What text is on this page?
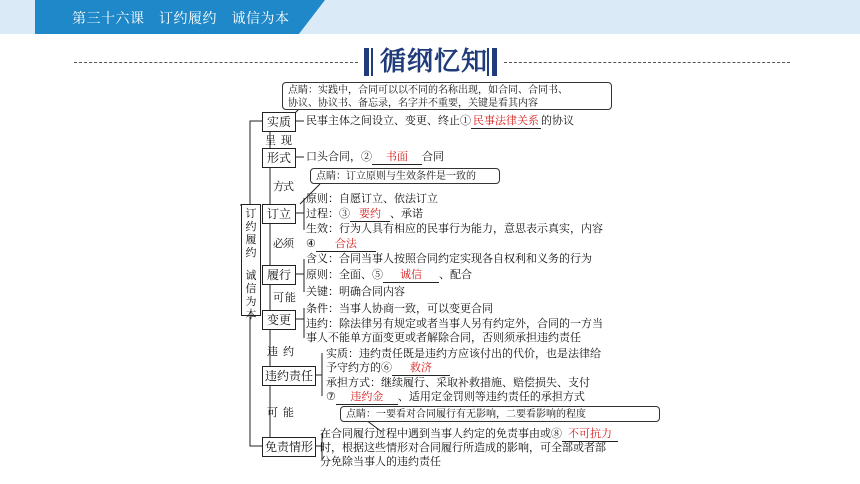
第三十六课　订约履约　诚信为本
循纲忆知
点睛：实践中，合同可以以不同的名称出现，如合同、合同书、
协议、协议书、备忘录，名字并不重要，关键是看其内容
订约履约
诚信为本
实质
形式
订立
履行
变更
违约责任
免责情形
呈 现
方 式
必 须
可 能
违 约
可 能
民事主体之间设立、变更、终止① 民事法律关系 的协议
口头合同，② 书面 合同
点睛：订立原则与生效条件是一致的
原则：自愿订立、依法订立
过程：③ 要约 、承诺
生效：行为人具有相应的民事行为能力，意思表示真实，内容
④ 合法
含义：合同当事人按照合同约定实现各自权利和义务的行为
原则：全面、⑤ 诚信 、配合
关键：明确合同内容
条件：当事人协商一致，可以变更合同
违约：除法律另有规定或者当事人另有约定外，合同的一方当
事人不能单方面变更或者解除合同，否则须承担违约责任
实质：违约责任既是违约方应该付出的代价，也是法律给
予守约方的⑥ 救济
承担方式：继续履行、采取补救措施、赔偿损失、支付
⑦ 违约金 、适用定金罚则等违约责任的承担方式
点睛：一要看对合同履行有无影响，二要看影响的程度
在合同履行过程中遇到当事人约定的免责事由或⑧ 不可抗力
时，根据这些情形对合同履行所造成的影响，可全部或者部
分免除当事人的违约责任
